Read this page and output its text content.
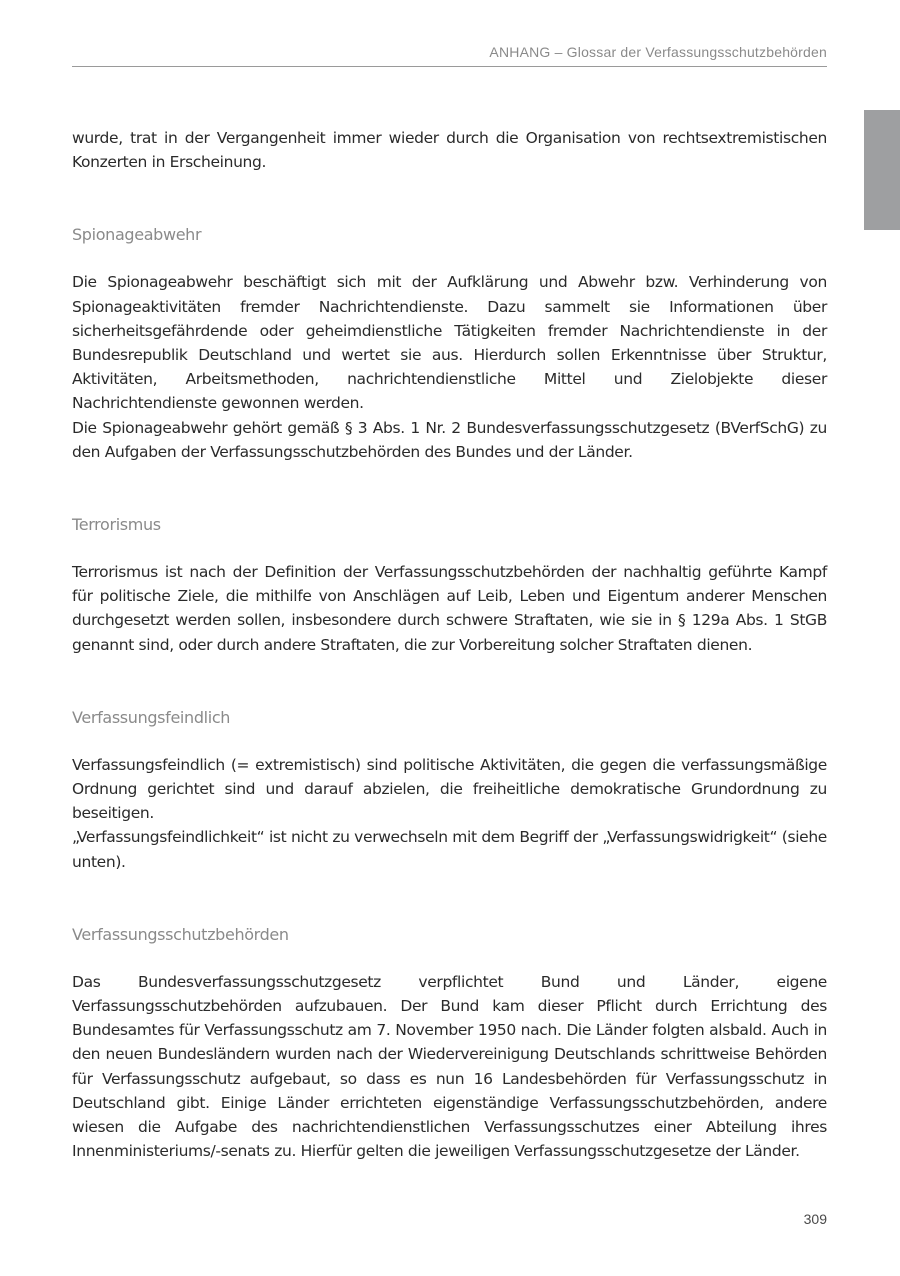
ANHANG – Glossar der Verfassungsschutzbehörden

wurde, trat in der Vergangenheit immer wieder durch die Organisation von rechtsextremistischen Konzerten in Erscheinung.

Spionageabwehr

Die Spionageabwehr beschäftigt sich mit der Aufklärung und Abwehr bzw. Verhinderung von Spionageaktivitäten fremder Nachrichtendienste. Dazu sammelt sie Informationen über sicherheitsgefährdende oder geheimdienstliche Tätigkeiten fremder Nachrichtendienste in der Bundesrepublik Deutschland und wertet sie aus. Hierdurch sollen Erkenntnisse über Struktur, Aktivitäten, Arbeitsmethoden, nachrichtendienstliche Mittel und Zielobjekte dieser Nachrichtendienste gewonnen werden.

Die Spionageabwehr gehört gemäß § 3 Abs. 1 Nr. 2 Bundesverfassungsschutzgesetz (BVerfSchG) zu den Aufgaben der Verfassungsschutzbehörden des Bundes und der Länder.

Terrorismus

Terrorismus ist nach der Definition der Verfassungsschutzbehörden der nachhaltig geführte Kampf für politische Ziele, die mithilfe von Anschlägen auf Leib, Leben und Eigentum anderer Menschen durchgesetzt werden sollen, insbesondere durch schwere Straftaten, wie sie in § 129a Abs. 1 StGB genannt sind, oder durch andere Straftaten, die zur Vorbereitung solcher Straftaten dienen.

Verfassungsfeindlich

Verfassungsfeindlich (= extremistisch) sind politische Aktivitäten, die gegen die verfassungsmäßige Ordnung gerichtet sind und darauf abzielen, die freiheitliche demokratische Grundordnung zu beseitigen.

„Verfassungsfeindlichkeit“ ist nicht zu verwechseln mit dem Begriff der „Verfassungswidrigkeit“ (siehe unten).

Verfassungsschutzbehörden

Das Bundesverfassungsschutzgesetz verpflichtet Bund und Länder, eigene Verfassungsschutzbehörden aufzubauen. Der Bund kam dieser Pflicht durch Errichtung des Bundesamtes für Verfassungsschutz am 7. November 1950 nach. Die Länder folgten alsbald. Auch in den neuen Bundesländern wurden nach der Wiedervereinigung Deutschlands schrittweise Behörden für Verfassungsschutz aufgebaut, so dass es nun 16 Landesbehörden für Verfassungsschutz in Deutschland gibt. Einige Länder errichteten eigenständige Verfassungsschutzbehörden, andere wiesen die Aufgabe des nachrichtendienstlichen Verfassungsschutzes einer Abteilung ihres Innenministeriums/-senats zu. Hierfür gelten die jeweiligen Verfassungsschutzgesetze der Länder.

309
